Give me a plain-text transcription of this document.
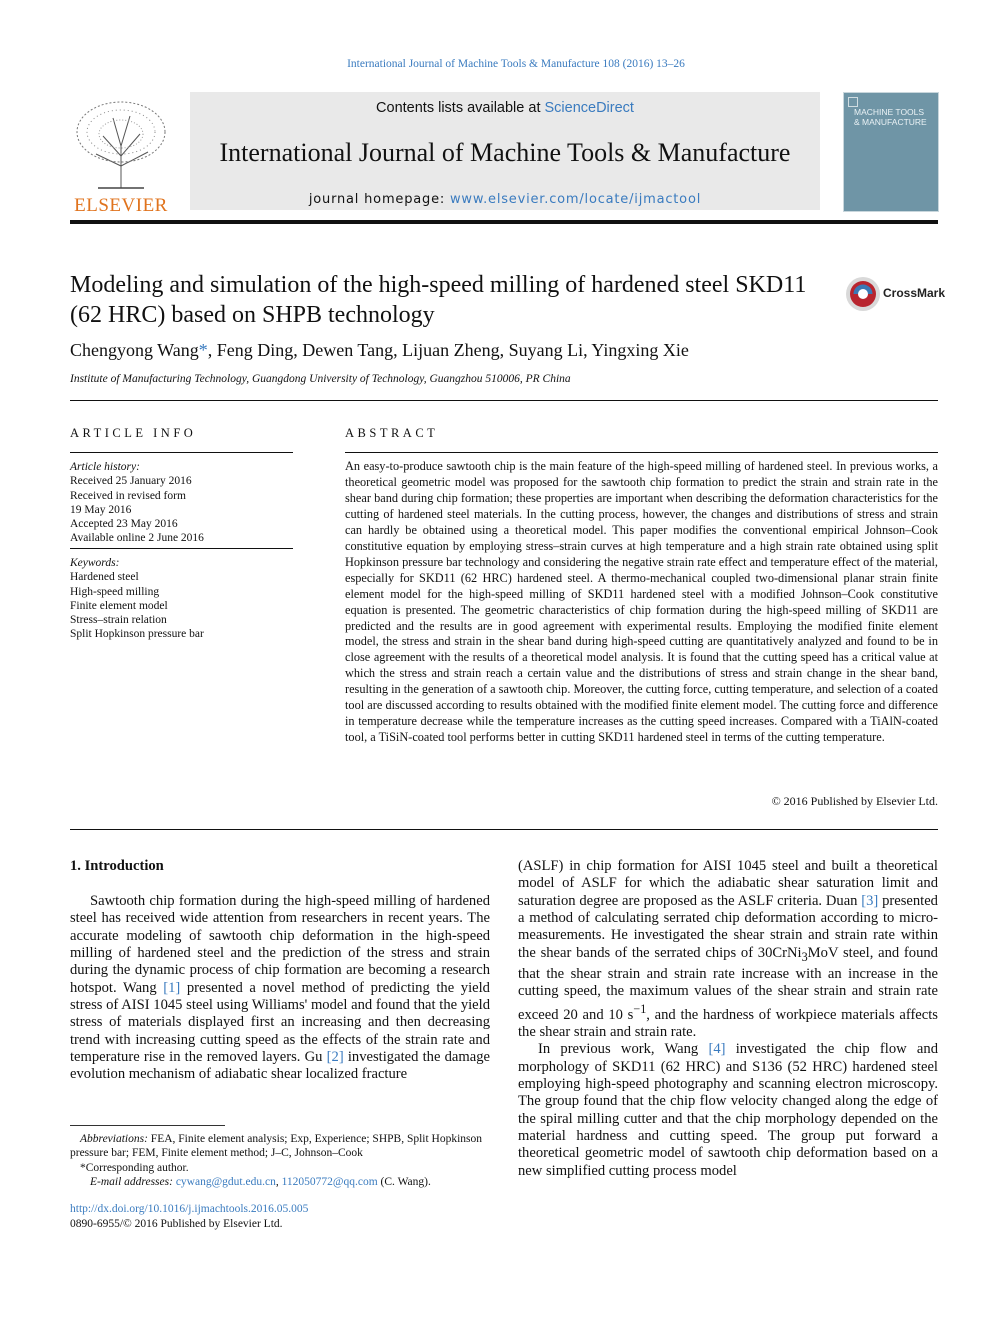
International Journal of Machine Tools & Manufacture 108 (2016) 13–26
ELSEVIER
Contents lists available at ScienceDirect
International Journal of Machine Tools & Manufacture
journal homepage: www.elsevier.com/locate/ijmactool
MACHINE TOOLS & MANUFACTURE
Modeling and simulation of the high-speed milling of hardened steel SKD11 (62 HRC) based on SHPB technology
CrossMark
Chengyong Wang*, Feng Ding, Dewen Tang, Lijuan Zheng, Suyang Li, Yingxing Xie
Institute of Manufacturing Technology, Guangdong University of Technology, Guangzhou 510006, PR China
ARTICLE INFO
Article history:
Received 25 January 2016
Received in revised form
19 May 2016
Accepted 23 May 2016
Available online 2 June 2016
Keywords:
Hardened steel
High-speed milling
Finite element model
Stress–strain relation
Split Hopkinson pressure bar
ABSTRACT
An easy-to-produce sawtooth chip is the main feature of the high-speed milling of hardened steel. In previous works, a theoretical geometric model was proposed for the sawtooth chip formation to predict the strain and strain rate in the shear band during chip formation; these properties are important when describing the deformation characteristics for the cutting of hardened steel materials. In the cutting process, however, the changes and distributions of stress and strain can hardly be obtained using a theoretical model. This paper modifies the conventional empirical Johnson–Cook constitutive equation by employing stress–strain curves at high temperature and a high strain rate obtained using split Hopkinson pressure bar technology and considering the negative strain rate effect and temperature effect of the material, especially for SKD11 (62 HRC) hardened steel. A thermo-mechanical coupled two-dimensional planar strain finite element model for the high-speed milling of SKD11 hardened steel with a modified Johnson–Cook constitutive equation is presented. The geometric characteristics of chip formation during the high-speed milling of SKD11 are predicted and the results are in good agreement with experimental results. Employing the modified finite element model, the stress and strain in the shear band during high-speed cutting are quantitatively analyzed and found to be in close agreement with the results of a theoretical model analysis. It is found that the cutting speed has a critical value at which the stress and strain reach a certain value and the distributions of stress and strain change in the shear band, resulting in the generation of a sawtooth chip. Moreover, the cutting force, cutting temperature, and selection of a coated tool are discussed according to results obtained with the modified finite element model. The cutting force and difference in temperature decrease while the temperature increases as the cutting speed increases. Compared with a TiAlN-coated tool, a TiSiN-coated tool performs better in cutting SKD11 hardened steel in terms of the cutting temperature.
© 2016 Published by Elsevier Ltd.
1. Introduction

Sawtooth chip formation during the high-speed milling of hardened steel has received wide attention from researchers in recent years. The accurate modeling of sawtooth chip deformation in the high-speed milling of hardened steel and the prediction of the stress and strain during the dynamic process of chip formation are becoming a research hotspot. Wang [1] presented a novel method of predicting the yield stress of AISI 1045 steel using Williams' model and found that the yield stress of materials displayed first an increasing and then decreasing trend with increasing cutting speed as the effects of the strain rate and temperature rise in the removed layers. Gu [2] investigated the damage evolution mechanism of adiabatic shear localized fracture

(ASLF) in chip formation for AISI 1045 steel and built a theoretical model of ASLF for which the adiabatic shear saturation limit and saturation degree are proposed as the ASLF criteria. Duan [3] presented a method of calculating serrated chip deformation according to micro-measurements. He investigated the shear strain and strain rate within the shear bands of the serrated chips of 30CrNi$_3$MoV steel, and found that the shear strain and strain rate increase with an increase in the cutting speed, the maximum values of the shear strain and strain rate exceed 20 and 10 $s^{-1}$, and the hardness of workpiece materials affects the shear strain and strain rate.

In previous work, Wang [4] investigated the chip flow and morphology of SKD11 (62 HRC) and S136 (52 HRC) hardened steel employing high-speed photography and scanning electron microscopy. The group found that the chip flow velocity changed along the edge of the spiral milling cutter and that the chip morphology depended on the material hardness and cutting speed. The group put forward a theoretical geometric model of sawtooth chip deformation based on a new simplified cutting process model

Abbreviations: FEA, Finite element analysis; Exp, Experience; SHPB, Split Hopkinson pressure bar; FEM, Finite element method; J–C, Johnson–Cook
*Corresponding author.
E-mail addresses: cywang@gdut.edu.cn, 112050772@qq.com (C. Wang).
http://dx.doi.org/10.1016/j.ijmachtools.2016.05.005
0890-6955/© 2016 Published by Elsevier Ltd.
